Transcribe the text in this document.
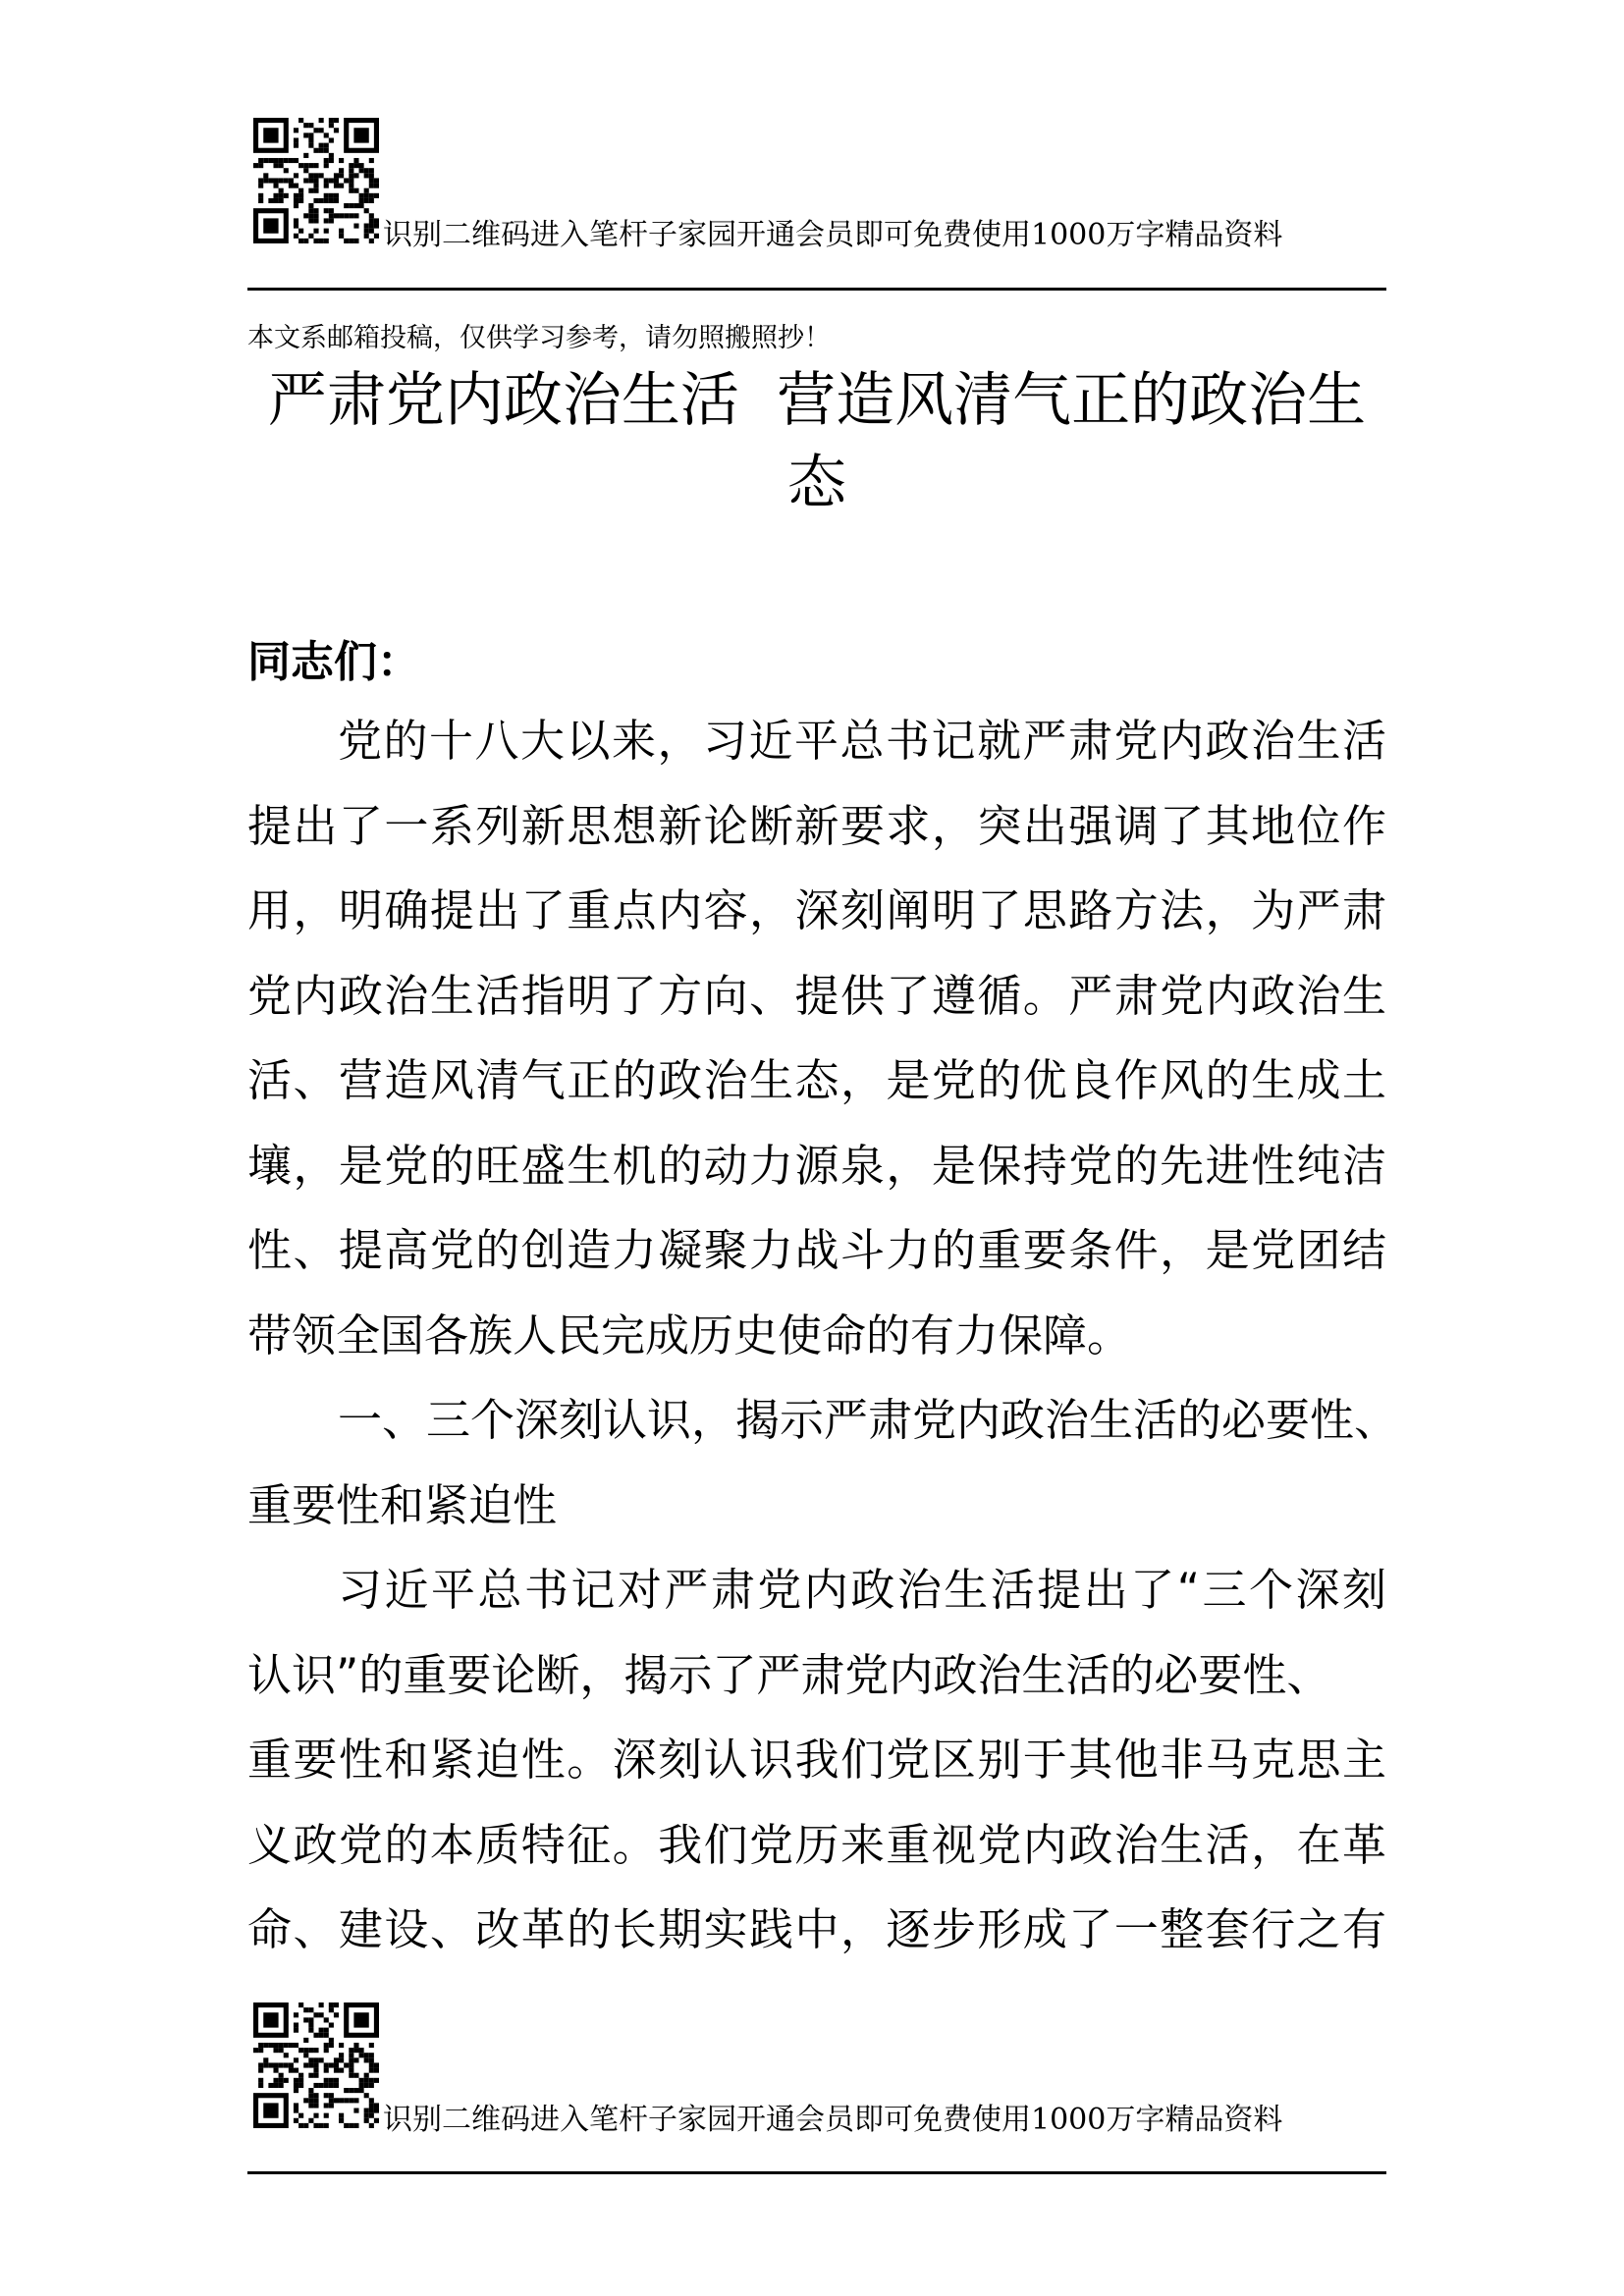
识别二维码进入笔杆子家园开通会员即可免费使用1000万字精品资料
本文系邮箱投稿，仅供学习参考，请勿照搬照抄！
严肃党内政治生活  营造风清气正的政治生
态
同志们：
党的十八大以来，习近平总书记就严肃党内政治生活
提出了一系列新思想新论断新要求，突出强调了其地位作
用，明确提出了重点内容，深刻阐明了思路方法，为严肃
党内政治生活指明了方向、提供了遵循。严肃党内政治生
活、营造风清气正的政治生态，是党的优良作风的生成土
壤，是党的旺盛生机的动力源泉，是保持党的先进性纯洁
性、提高党的创造力凝聚力战斗力的重要条件，是党团结
带领全国各族人民完成历史使命的有力保障。
一、三个深刻认识，揭示严肃党内政治生活的必要性、
重要性和紧迫性
习近平总书记对严肃党内政治生活提出了“三个深刻
认识”的重要论断，揭示了严肃党内政治生活的必要性、
重要性和紧迫性。深刻认识我们党区别于其他非马克思主
义政党的本质特征。我们党历来重视党内政治生活，在革
命、建设、改革的长期实践中，逐步形成了一整套行之有
识别二维码进入笔杆子家园开通会员即可免费使用1000万字精品资料
